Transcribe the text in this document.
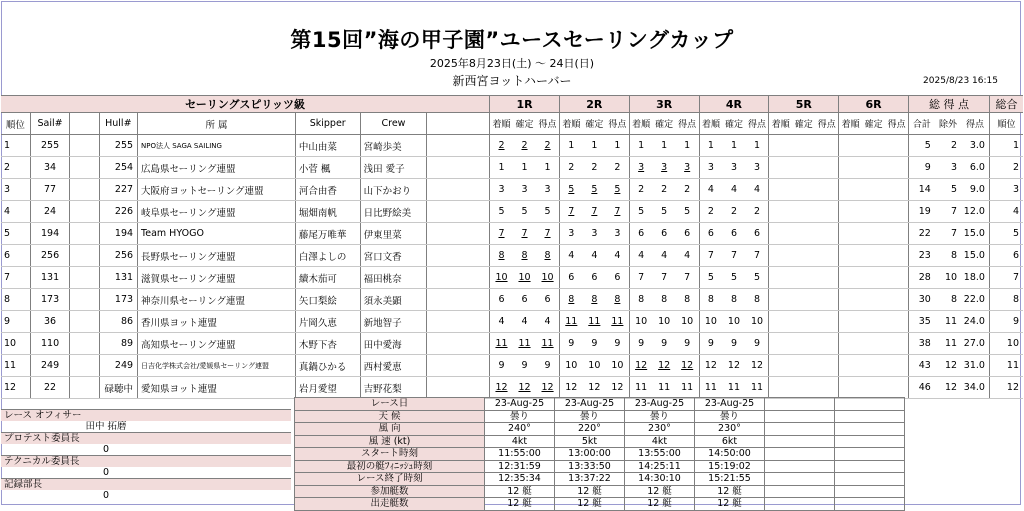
第15回”海の甲子園”ユースセーリングカップ
2025年8月23日(土) ～ 24日(日)
新西宮ヨットハーバー	2025/8/23 16:15
セーリングスピリッツ級								1R			2R			3R			4R			5R			6R			総 得 点			総合
順位	Sail#		Hull#	所 属	Skipper	Crew		着順	確定	得点	着順	確定	得点	着順	確定	得点	着順	確定	得点	着順	確定	得点	着順	確定	得点	合計	除外	得点	順位
1	255		255	NPO法人 SAGA SAILING	中山由菜	宮崎歩美		2	2	2	1	1	1	1	1	1	1	1	1							5	2	3.0	1
2	34		254	広島県セーリング連盟	小菅 楓	浅田 愛子		1	1	1	2	2	2	3	3	3	3	3	3							9	3	6.0	2
3	77		227	大阪府ヨットセーリング連盟	河合由香	山下かおり		3	3	3	5	5	5	2	2	2	4	4	4							14	5	9.0	3
4	24		226	岐阜県セーリング連盟	堀畑南帆	日比野絵美		5	5	5	7	7	7	5	5	5	2	2	2							19	7	12.0	4
5	194		194	Team HYOGO	藤尾万唯華	伊東里菜		7	7	7	3	3	3	6	6	6	6	6	6							22	7	15.0	5
6	256		256	長野県セーリング連盟	白澤よしの	宮口文香		8	8	8	4	4	4	4	4	4	7	7	7							23	8	15.0	6
7	131		131	滋賀県セーリング連盟	續木茄可	福田桃奈		10	10	10	6	6	6	7	7	7	5	5	5							28	10	18.0	7
8	173		173	神奈川県セーリング連盟	矢口梨絵	須永美顕		6	6	6	8	8	8	8	8	8	8	8	8							30	8	22.0	8
9	36		86	香川県ヨット連盟	片岡久恵	新地智子		4	4	4	11	11	11	10	10	10	10	10	10							35	11	24.0	9
10	110		89	高知県セーリング連盟	木野下杏	田中愛海		11	11	11	9	9	9	9	9	9	9	9	9							38	11	27.0	10
11	249		249	日吉化学株式会社/愛媛県セーリング連盟	真鍋ひかる	西村愛恵		9	9	9	10	10	10	12	12	12	12	12	12							43	12	31.0	11
12	22		碌聴中	愛知県ヨット連盟	岩月愛望	吉野花梨		12	12	12	12	12	12	11	11	11	11	11	11							46	12	34.0	12
レース オフィサー
田中 拓磨
プロテスト委員長
0
テクニカル委員長
0
記録部長
0
レース日	23-Aug-25	23-Aug-25	23-Aug-25	23-Aug-25		
天 候	曇り	曇り	曇り	曇り		
風 向	240°	220°	230°	230°		
風 速 (kt)	4kt	5kt	4kt	6kt		
スタート時刻	11:55:00	13:00:00	13:55:00	14:50:00		
最初の艇ﾌｨﾆｯｼｭ時刻	12:31:59	13:33:50	14:25:11	15:19:02		
レース終了時刻	12:35:34	13:37:22	14:30:10	15:21:55		
参加艇数	12 艇	12 艇	12 艇	12 艇		
出走艇数	12 艇	12 艇	12 艇	12 艇		
